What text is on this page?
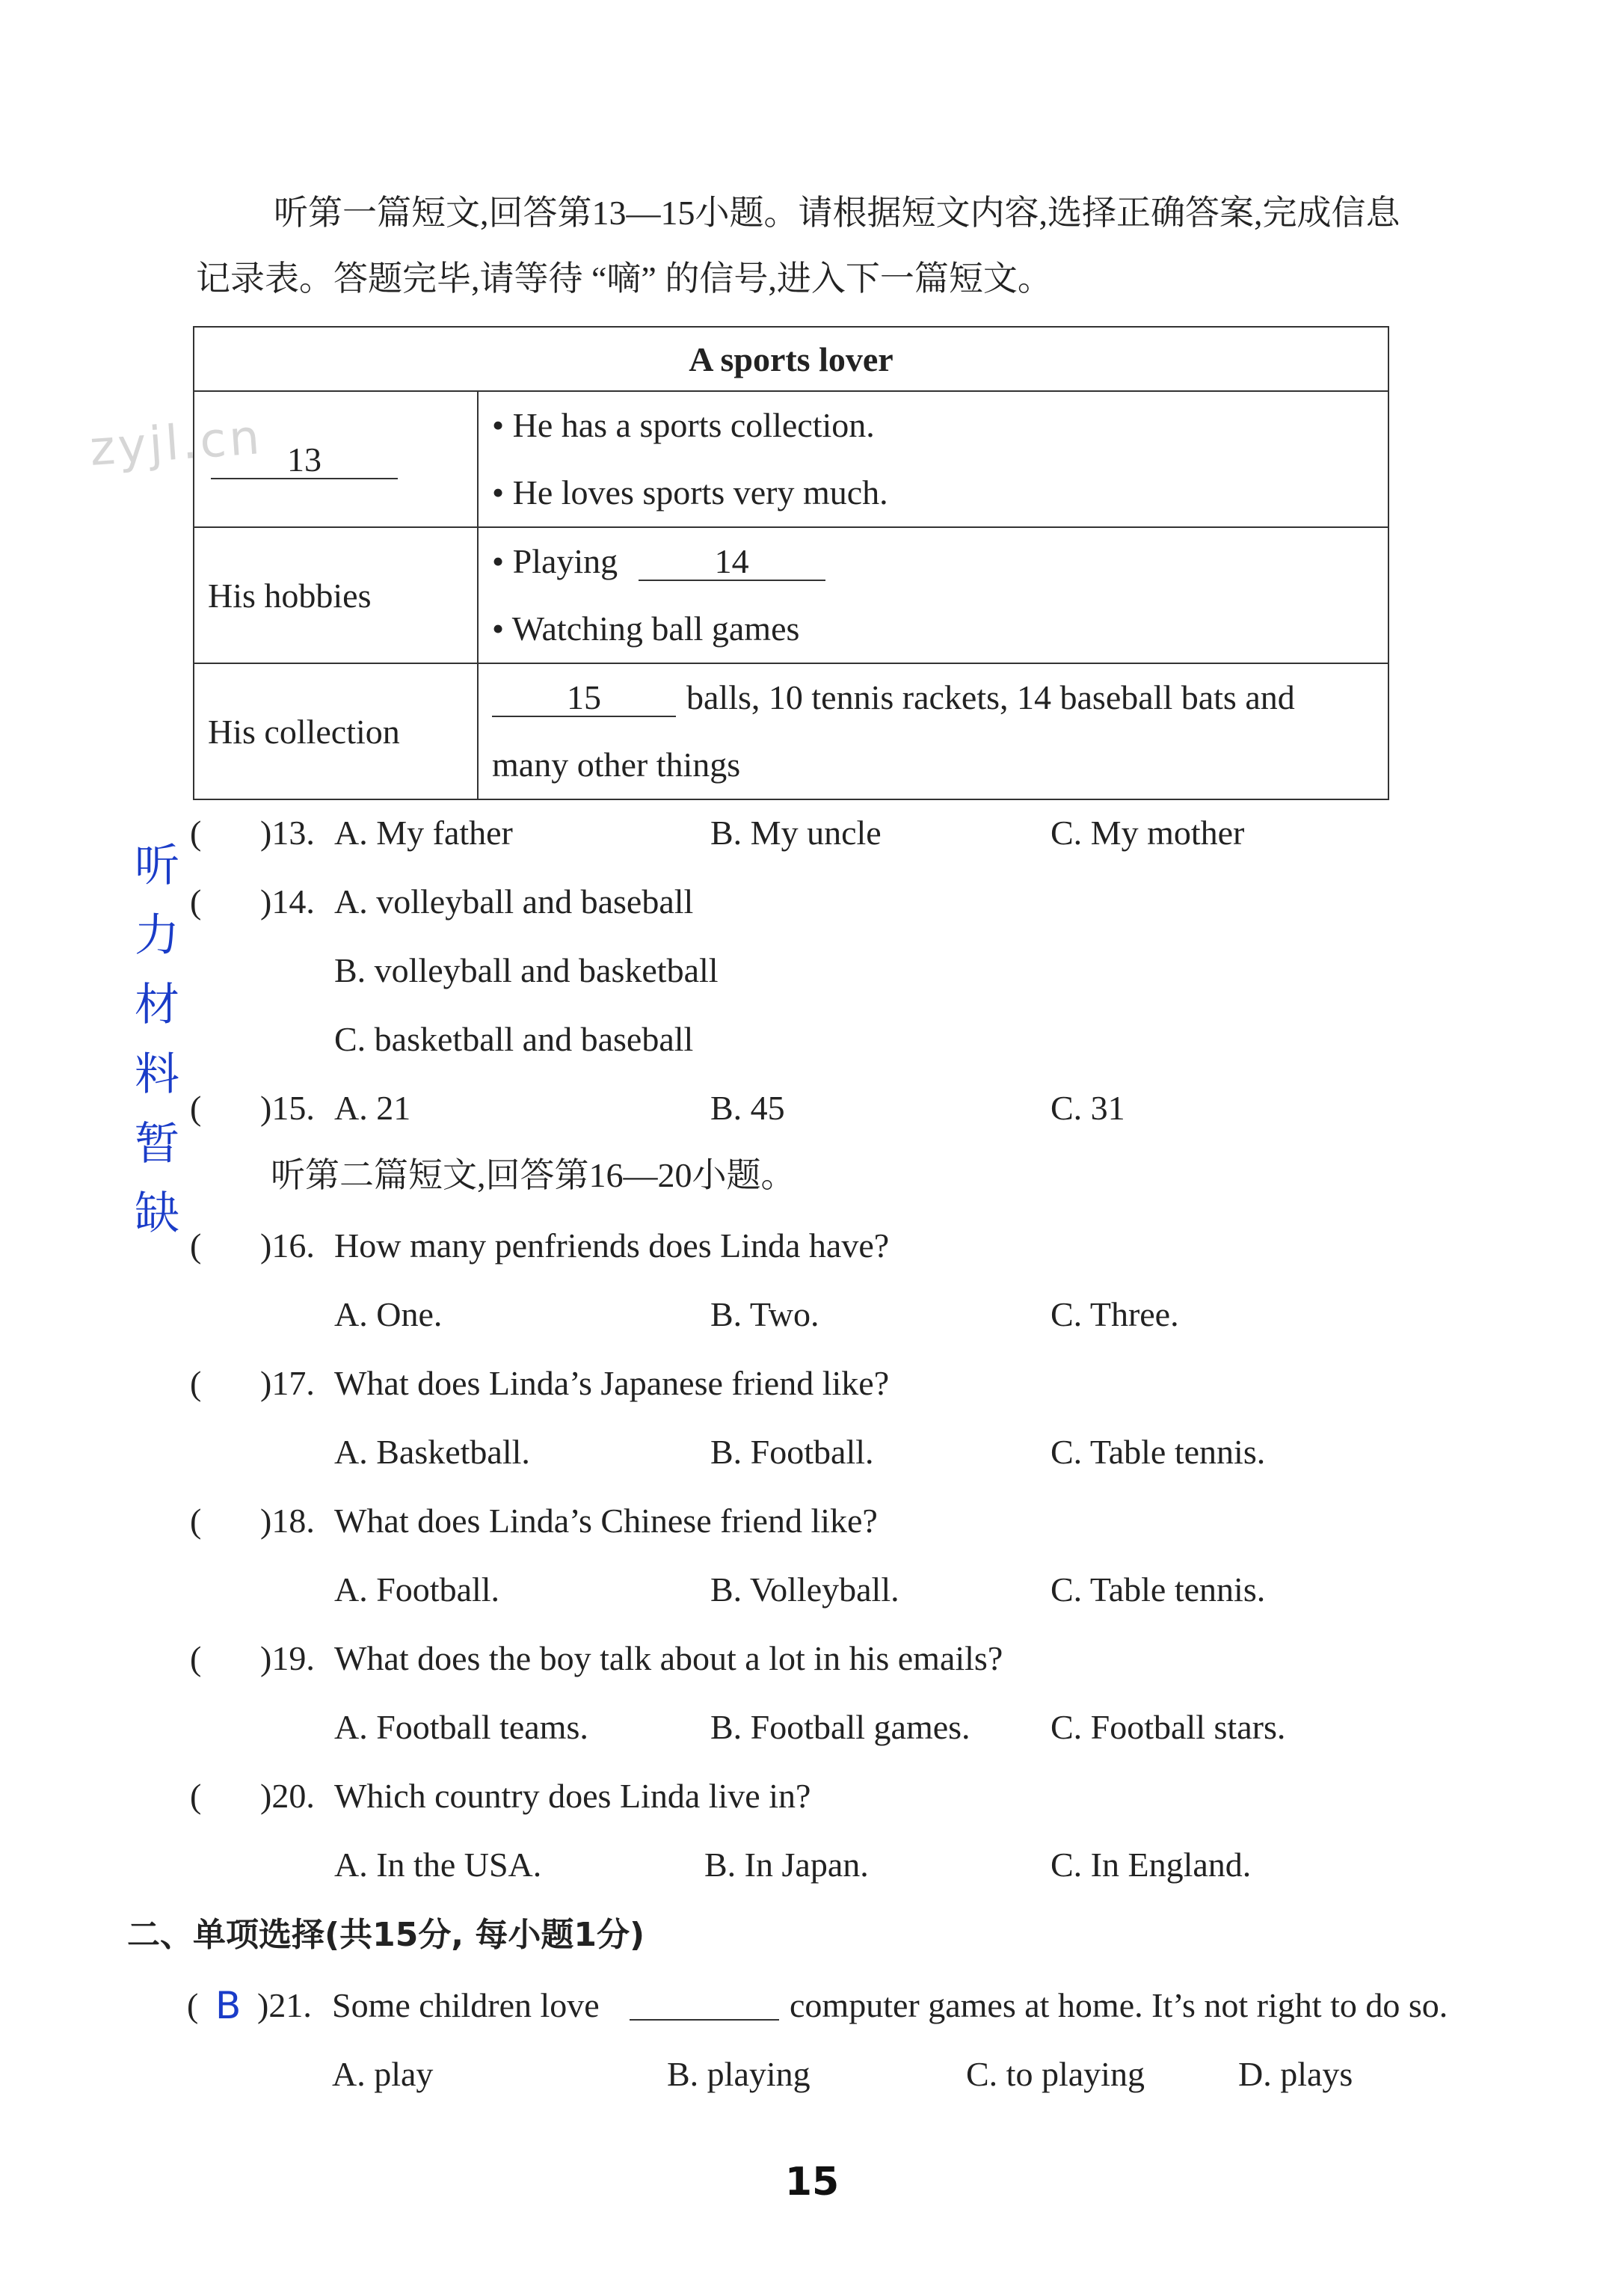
zyjl.cn
听第一篇短文,回答第13—15小题。请根据短文内容,选择正确答案,完成信息
记录表。答题完毕,请等待 “嘀” 的信号,进入下一篇短文。
A sports lover	
13	• He has a sports collection.
• He loves sports very much.

His hobbies	• Playing 14
• Watching ball games

His collection	15 balls, 10 tennis rackets, 14 baseball bats and
many other things
听
力
材
料
暂
缺
( )13. A. My father	B. My uncle	C. My mother
( )14. A. volleyball and baseball
B. volleyball and basketball
C. basketball and baseball
( )15. A. 21	B. 45	C. 31
听第二篇短文,回答第16—20小题。
( )16. How many penfriends does Linda have?
A. One.	B. Two.	C. Three.
( )17. What does Linda’s Japanese friend like?
A. Basketball.	B. Football.	C. Table tennis.
( )18. What does Linda’s Chinese friend like?
A. Football.	B. Volleyball.	C. Table tennis.
( )19. What does the boy talk about a lot in his emails?
A. Football teams.	B. Football games. C. Football stars.
( )20. Which country does Linda live in?
A. In the USA.	B. In Japan.	C. In England.
二、单项选择(共15分, 每小题1分)
( B )21. Some children love	computer games at home. It’s not right to do so.
A. play	B. playing	C. to playing	D. plays
15
